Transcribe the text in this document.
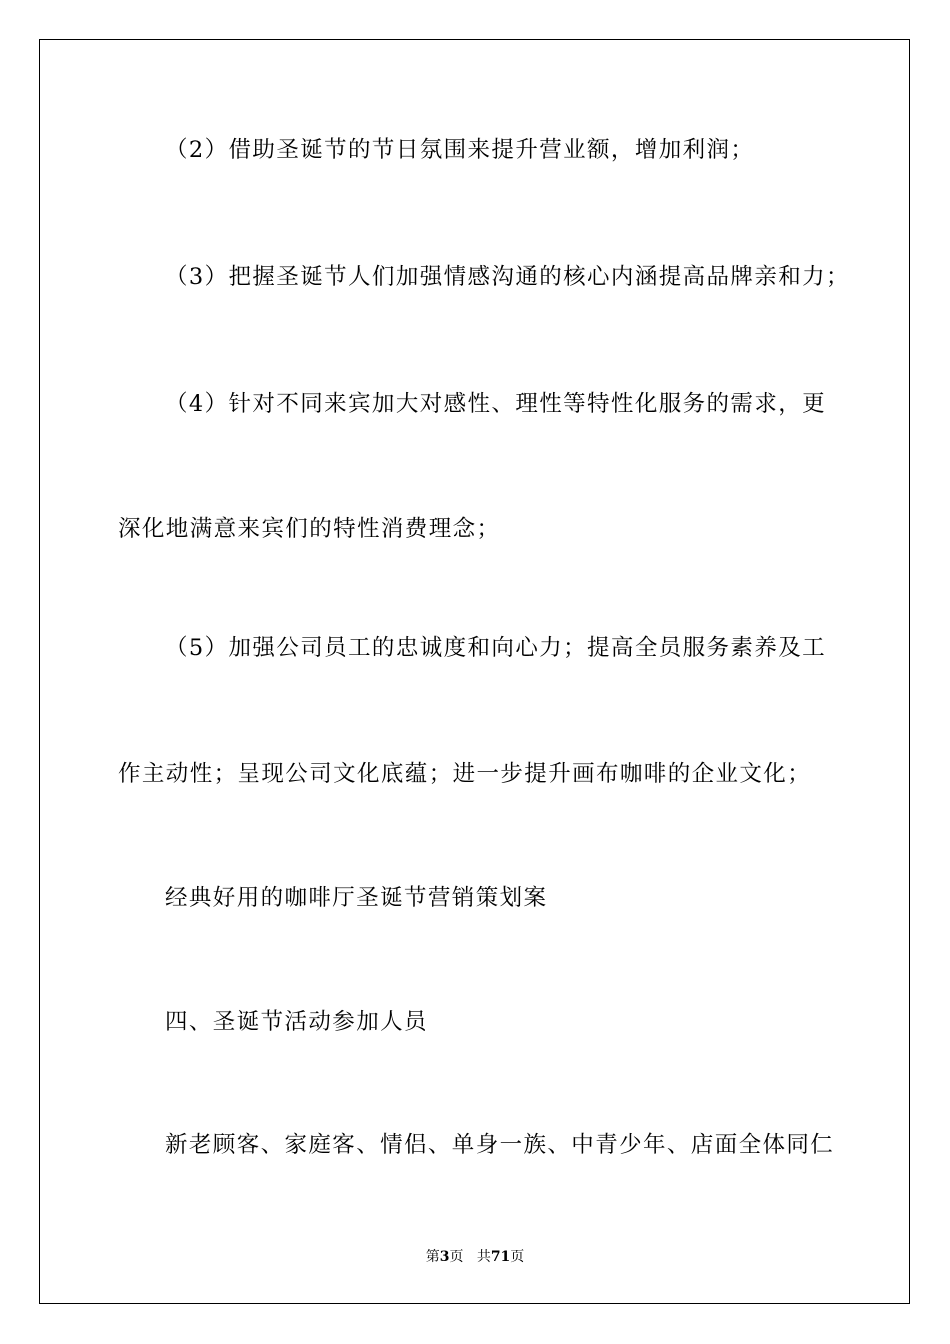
（2）借助圣诞节的节日氛围来提升营业额，增加利润；
（3）把握圣诞节人们加强情感沟通的核心内涵提高品牌亲和力；
（4）针对不同来宾加大对感性、理性等特性化服务的需求，更
深化地满意来宾们的特性消费理念；
（5）加强公司员工的忠诚度和向心力；提高全员服务素养及工
作主动性；呈现公司文化底蕴；进一步提升画布咖啡的企业文化；
经典好用的咖啡厅圣诞节营销策划案
四、圣诞节活动参加人员
新老顾客、家庭客、情侣、单身一族、中青少年、店面全体同仁
第3页 共71页
